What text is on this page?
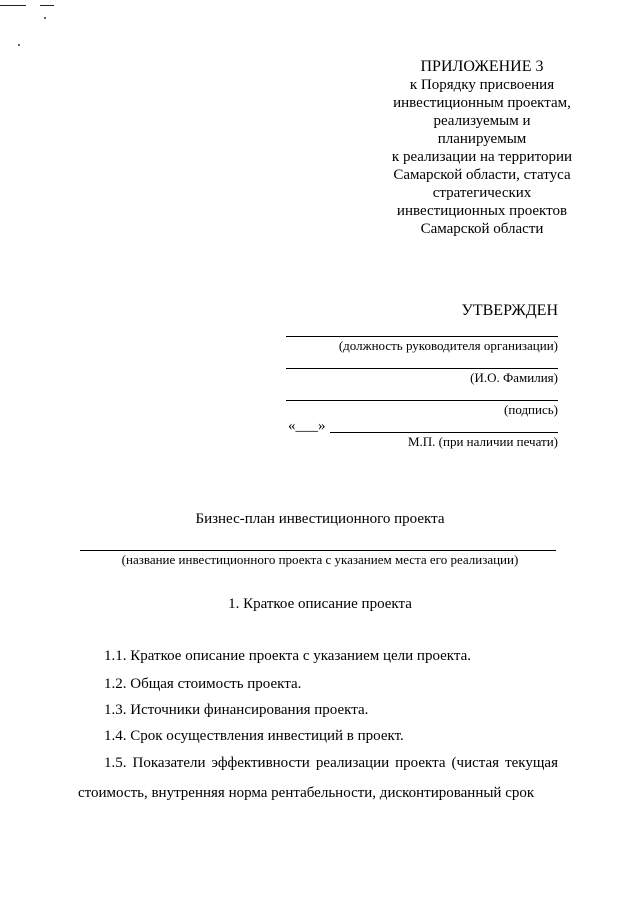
ПРИЛОЖЕНИЕ 3
к Порядку присвоения
инвестиционным проектам,
реализуемым и
планируемым
к реализации на территории
Самарской области, статуса
стратегических
инвестиционных проектов
Самарской области
УТВЕРЖДЕН
(должность руководителя организации)
(И.О. Фамилия)
(подпись)
«___»
М.П. (при наличии печати)
Бизнес-план инвестиционного проекта
(название инвестиционного проекта с указанием места его реализации)
1. Краткое описание проекта
1.1. Краткое описание проекта с указанием цели проекта.
1.2. Общая стоимость проекта.
1.3. Источники финансирования проекта.
1.4. Срок осуществления инвестиций в проект.
1.5. Показатели эффективности реализации проекта (чистая текущая стоимость, внутренняя норма рентабельности, дисконтированный срок
